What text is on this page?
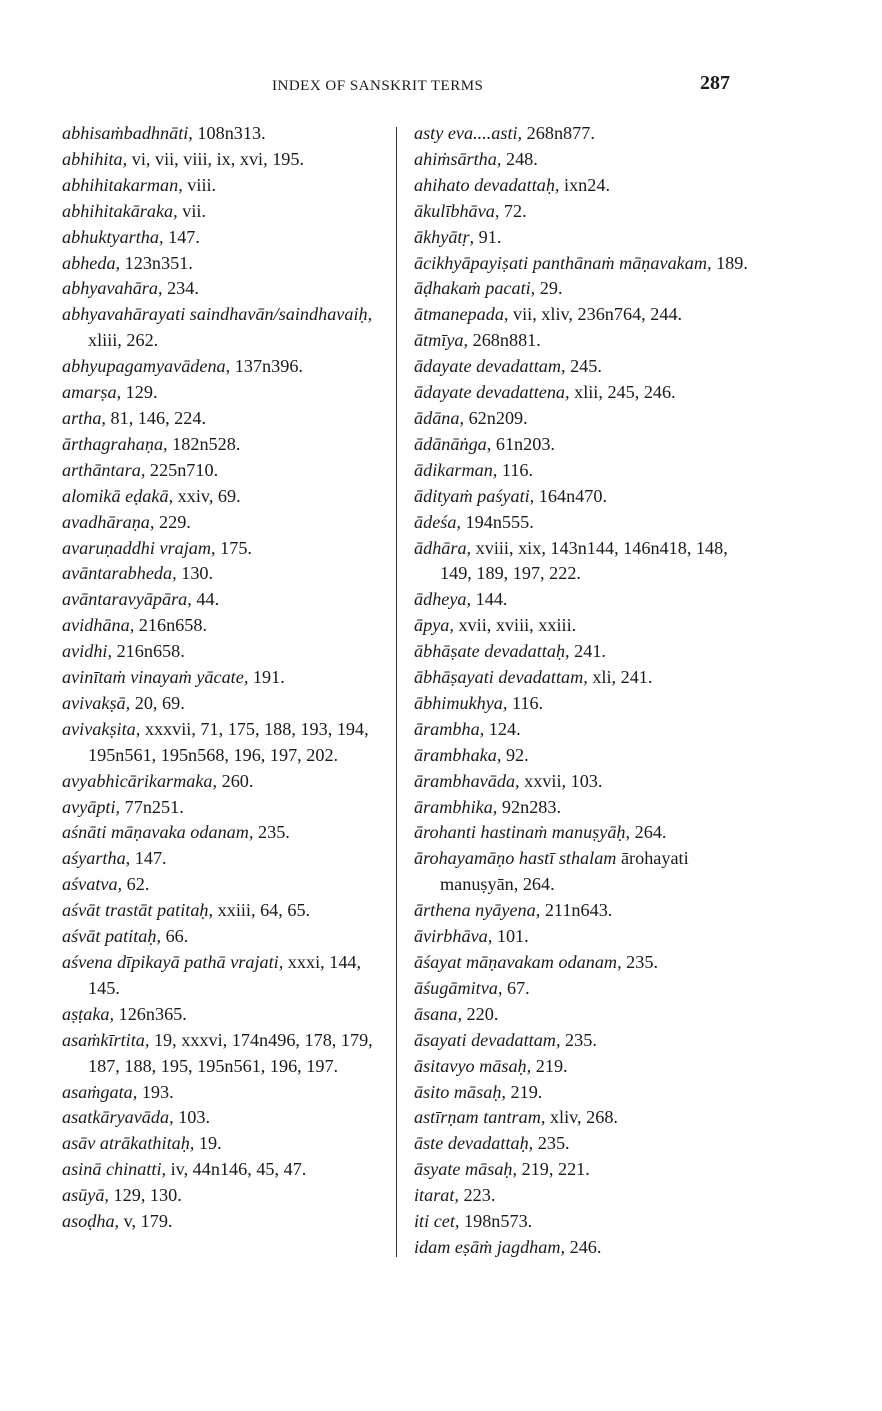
INDEX OF SANSKRIT TERMS	287
abhisaṁbadhnāti, 108n313.
abhihita, vi, vii, viii, ix, xvi, 195.
abhihitakarman, viii.
abhihitakāraka, vii.
abhuktyartha, 147.
abheda, 123n351.
abhyavahāra, 234.
abhyavahārayati saindhavān/saindhavaiḥ, xliii, 262.
abhyupagamyavādena, 137n396.
amarṣa, 129.
artha, 81, 146, 224.
ārthagrahaṇa, 182n528.
arthāntara, 225n710.
alomikā eḍakā, xxiv, 69.
avadhāraṇa, 229.
avaruṇaddhi vrajam, 175.
avāntarabheda, 130.
avāntaravyāpāra, 44.
avidhāna, 216n658.
avidhi, 216n658.
avinītaṁ vinayaṁ yācate, 191.
avivakṣā, 20, 69.
avivakṣita, xxxvii, 71, 175, 188, 193, 194, 195n561, 195n568, 196, 197, 202.
avyabhicārikarmaka, 260.
avyāpti, 77n251.
aśnāti māṇavaka odanam, 235.
aśyartha, 147.
aśvatva, 62.
aśvāt trastāt patitaḥ, xxiii, 64, 65.
aśvāt patitaḥ, 66.
aśvena dīpikayā pathā vrajati, xxxi, 144, 145.
aṣṭaka, 126n365.
asaṁkīrtita, 19, xxxvi, 174n496, 178, 179, 187, 188, 195, 195n561, 196, 197.
asaṁgata, 193.
asatkāryavāda, 103.
asāv atrākathitaḥ, 19.
asinā chinatti, iv, 44n146, 45, 47.
asūyā, 129, 130.
asoḍha, v, 179.
asty eva....asti, 268n877.
ahiṁsārtha, 248.
ahihato devadattaḥ, ixn24.
ākulībhāva, 72.
ākhyātṛ, 91.
ācikhyāpayiṣati panthānaṁ māṇavakam, 189.
āḍhakaṁ pacati, 29.
ātmanepada, vii, xliv, 236n764, 244.
ātmīya, 268n881.
ādayate devadattam, 245.
ādayate devadattena, xlii, 245, 246.
ādāna, 62n209.
ādānāṅga, 61n203.
ādikarman, 116.
ādityaṁ paśyati, 164n470.
ādeśa, 194n555.
ādhāra, xviii, xix, 143n144, 146n418, 148, 149, 189, 197, 222.
ādheya, 144.
āpya, xvii, xviii, xxiii.
ābhāṣate devadattaḥ, 241.
ābhāṣayati devadattam, xli, 241.
ābhimukhya, 116.
ārambha, 124.
ārambhaka, 92.
ārambhavāda, xxvii, 103.
ārambhika, 92n283.
ārohanti hastinaṁ manuṣyāḥ, 264.
ārohayamāṇo hastī sthalam ārohayati manuṣyān, 264.
ārthena nyāyena, 211n643.
āvirbhāva, 101.
āśayat māṇavakam odanam, 235.
āśugāmitva, 67.
āsana, 220.
āsayati devadattam, 235.
āsitavyo māsaḥ, 219.
āsito māsaḥ, 219.
astīrṇam tantram, xliv, 268.
āste devadattaḥ, 235.
āsyate māsaḥ, 219, 221.
itarat, 223.
iti cet, 198n573.
idam eṣāṁ jagdham, 246.
